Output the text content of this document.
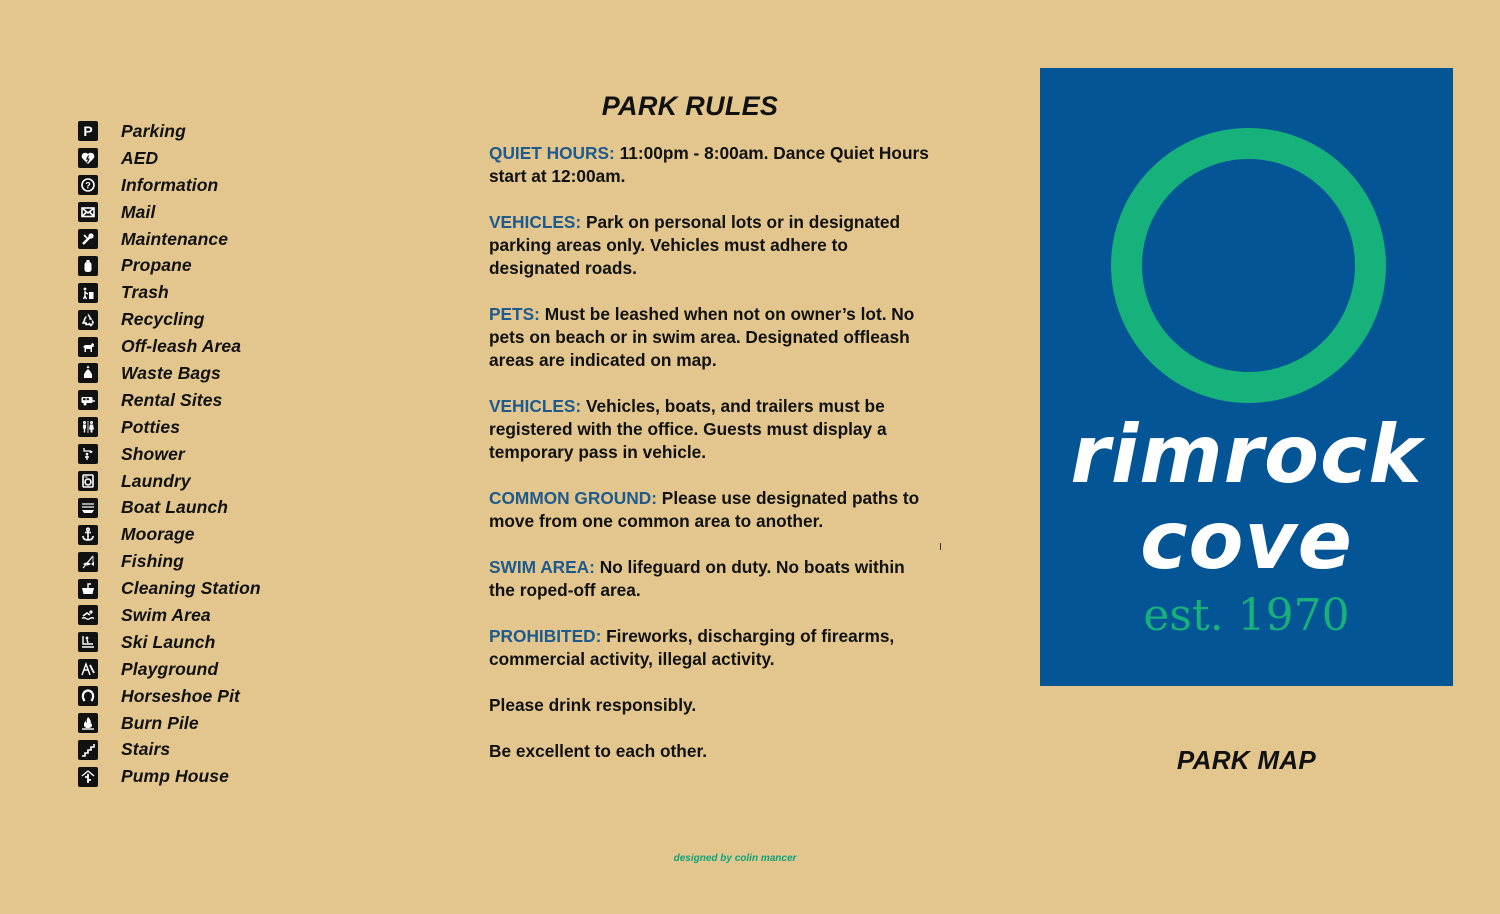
P Parking
AED
? Information
Mail
Maintenance
Propane
Trash
Recycling
Off-leash Area
Waste Bags
Rental Sites
Potties
Shower
Laundry
Boat Launch
Moorage
Fishing
Cleaning Station
Swim Area
Ski Launch
Playground
Horseshoe Pit
Burn Pile
Stairs
Pump House
PARK RULES

QUIET HOURS: 11:00pm - 8:00am. Dance Quiet Hours start at 12:00am.

VEHICLES: Park on personal lots or in designated parking areas only. Vehicles must adhere to designated roads.

PETS: Must be leashed when not on owner’s lot. No pets on beach or in swim area. Designated offleash areas are indicated on map.

VEHICLES: Vehicles, boats, and trailers must be registered with the office. Guests must display a temporary pass in vehicle.

COMMON GROUND: Please use designated paths to move from one common area to another.

SWIM AREA: No lifeguard on duty. No boats within the roped-off area.

PROHIBITED: Fireworks, discharging of firearms, commercial activity, illegal activity.

Please drink responsibly.

Be excellent to each other.

rimrock
cove
est. 1970
PARK MAP
designed by colin mancer
